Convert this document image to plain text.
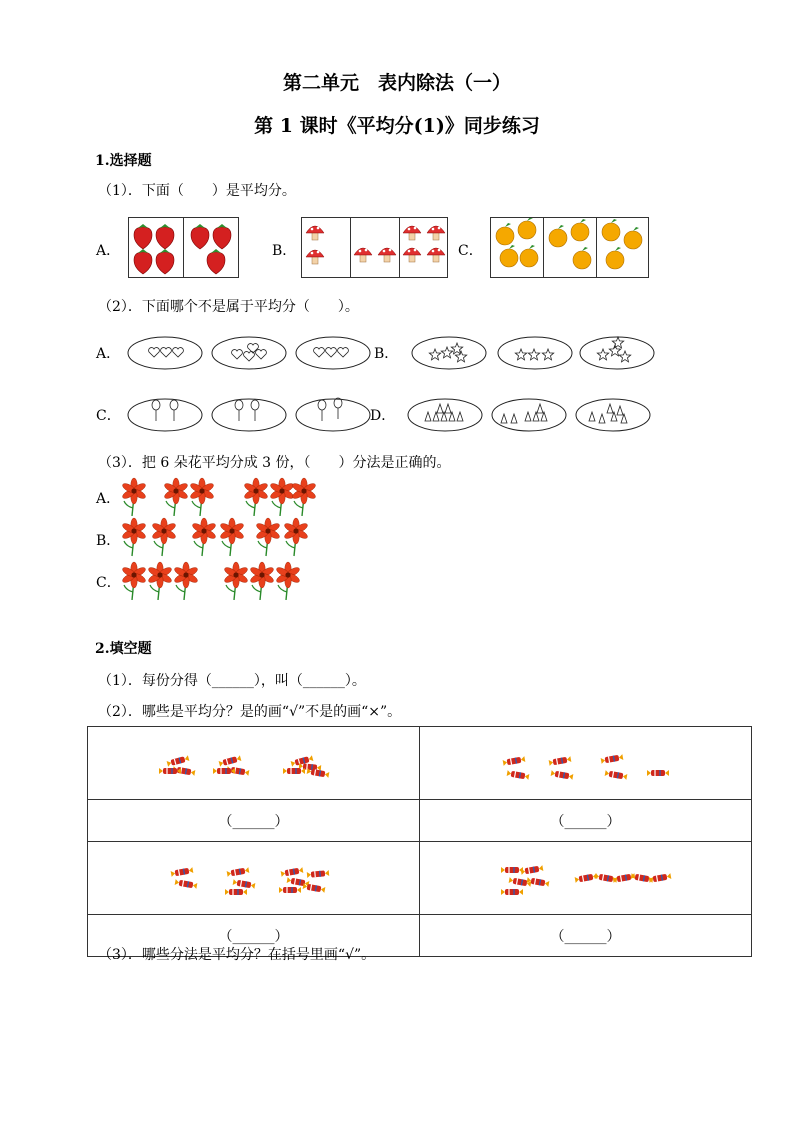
第二单元　表内除法（一）
第 1 课时《平均分(1)》同步练习
1.选择题
（1）．下面（　　）是平均分。
A．	B．	C．
（2）．下面哪个不是属于平均分（　　）。
A．	B．
C．	D．
（3）．把 6 朵花平均分成 3 份，（　　）分法是正确的。
A．
B．
C．
2.填空题
（1）．每份分得（______），叫（______）。
（2）．哪些是平均分？是的画“√”不是的画“×”。

（______）	（______）

（______）	（______）
（3）．哪些分法是平均分？在括号里画“√”。
